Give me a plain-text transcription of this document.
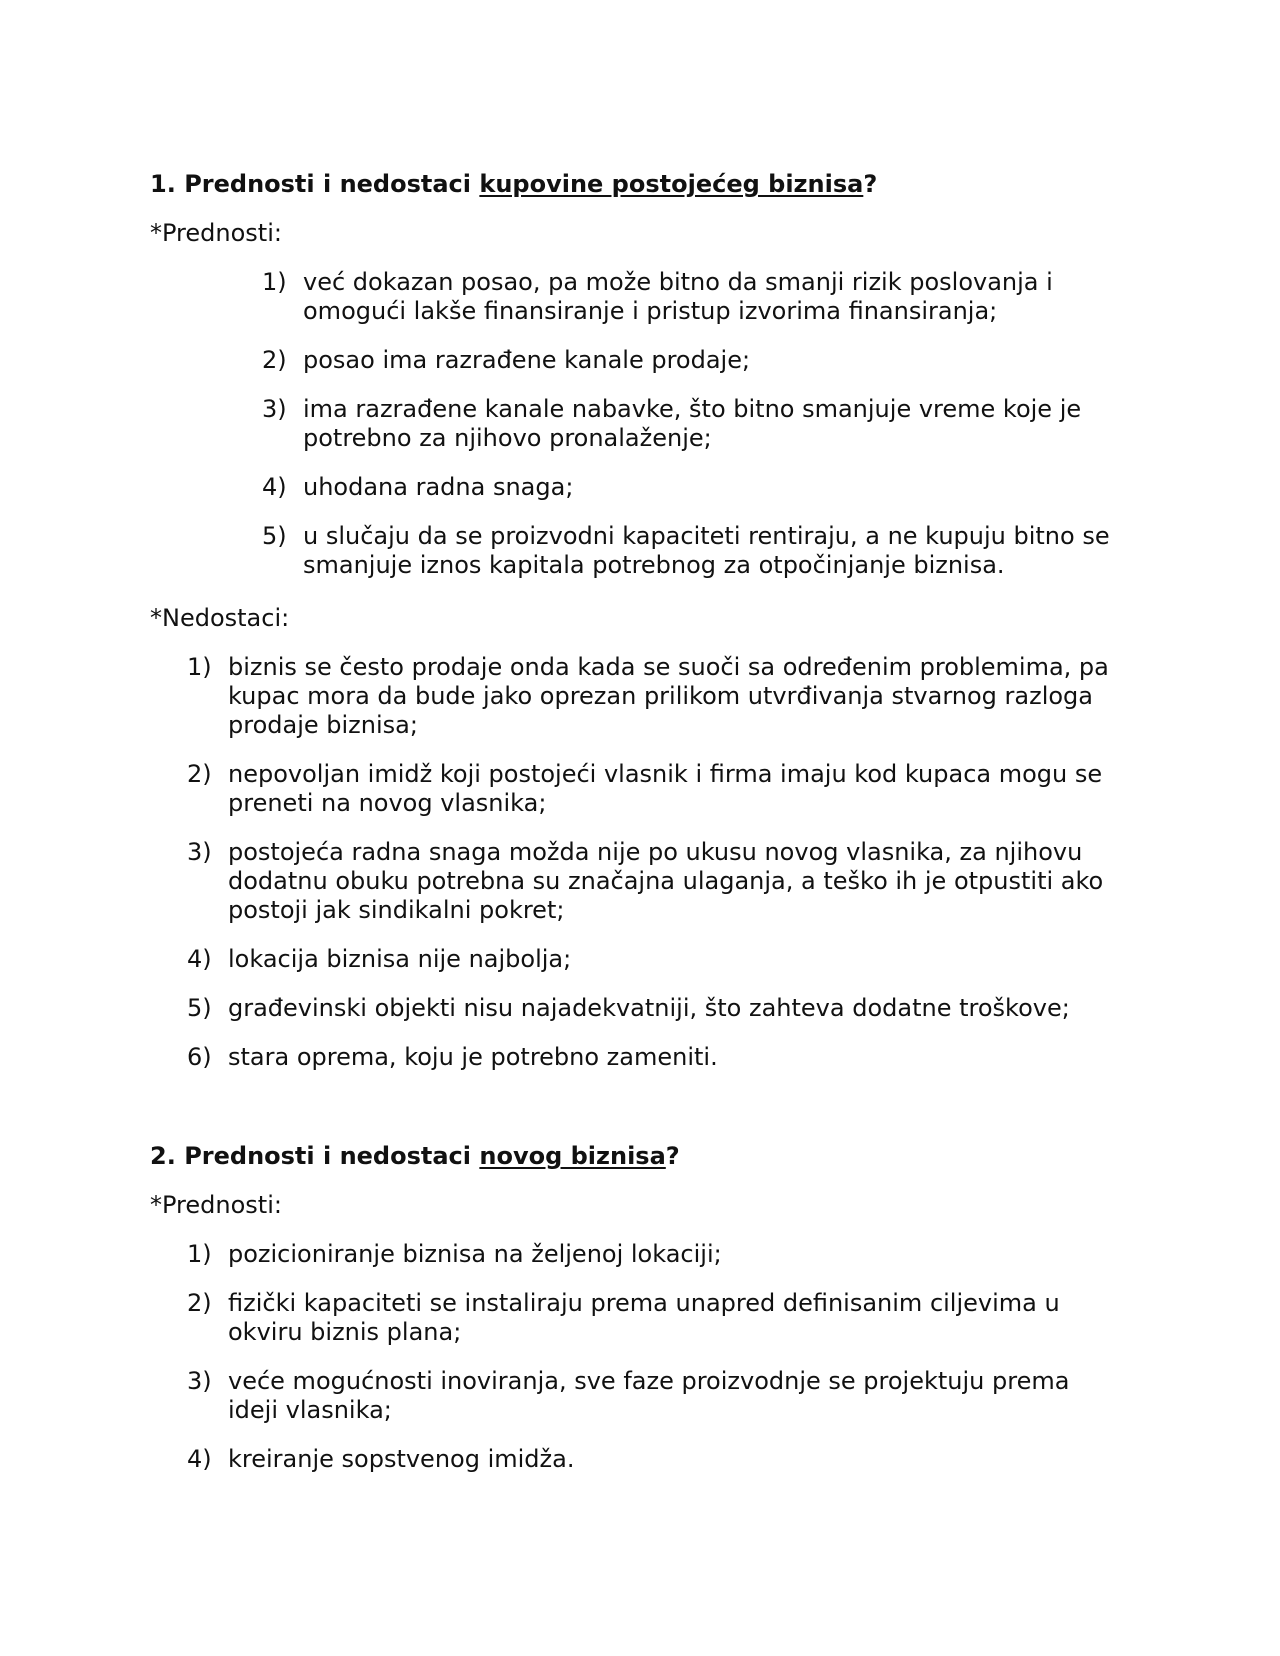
1. Prednosti i nedostaci kupovine postojećeg biznisa?
*Prednosti:
1) već dokazan posao, pa može bitno da smanji rizik poslovanja i omogući lakše finansiranje i pristup izvorima finansiranja;
2) posao ima razrađene kanale prodaje;
3) ima razrađene kanale nabavke, što bitno smanjuje vreme koje je potrebno za njihovo pronalaženje;
4) uhodana radna snaga;
5) u slučaju da se proizvodni kapaciteti rentiraju, a ne kupuju bitno se smanjuje iznos kapitala potrebnog za otpočinjanje biznisa.
*Nedostaci:
1) biznis se često prodaje onda kada se suoči sa određenim problemima, pa kupac mora da bude jako oprezan prilikom utvrđivanja stvarnog razloga prodaje biznisa;
2) nepovoljan imidž koji postojeći vlasnik i firma imaju kod kupaca mogu se preneti na novog vlasnika;
3) postojeća radna snaga možda nije po ukusu novog vlasnika, za njihovu dodatnu obuku potrebna su značajna ulaganja, a teško ih je otpustiti ako postoji jak sindikalni pokret;
4) lokacija biznisa nije najbolja;
5) građevinski objekti nisu najadekvatniji, što zahteva dodatne troškove;
6) stara oprema, koju je potrebno zameniti.
2. Prednosti i nedostaci novog biznisa?
*Prednosti:
1) pozicioniranje biznisa na željenoj lokaciji;
2) fizički kapaciteti se instaliraju prema unapred definisanim ciljevima u okviru biznis plana;
3) veće mogućnosti inoviranja, sve faze proizvodnje se projektuju prema ideji vlasnika;
4) kreiranje sopstvenog imidža.
